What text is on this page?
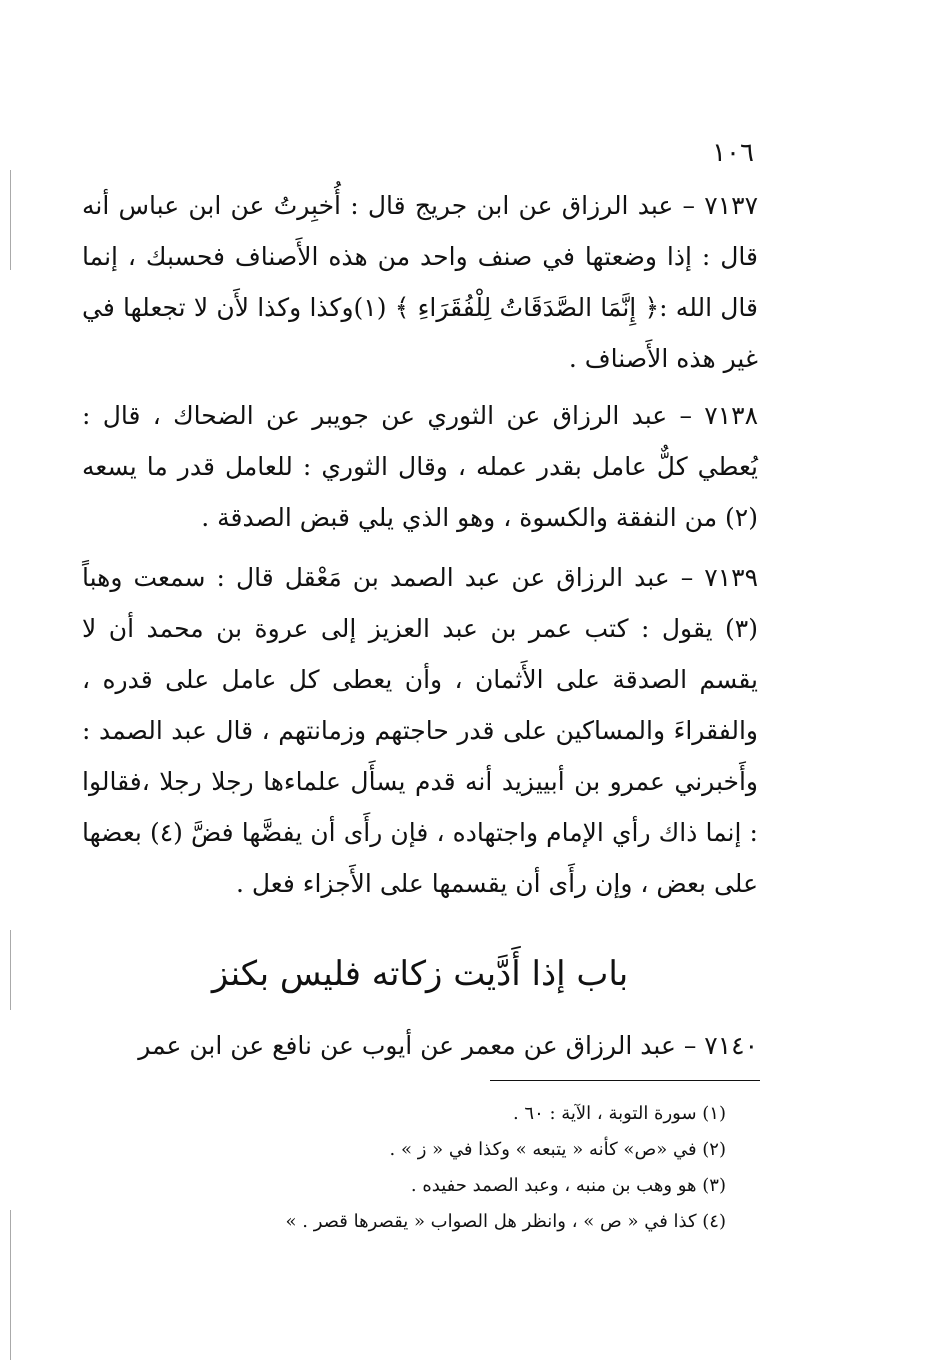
١٠٦

٧١٣٧ – عبد الرزاق عن ابن جريج قال : أُخبِرتُ عن ابن عباس أنه قال : إذا وضعتها في صنف واحد من هذه الأَصناف فحسبك ، إنما قال الله :﴿ إِنَّمَا الصَّدَقَاتُ لِلْفُقَرَاءِ ﴾ (١)وكذا وكذا لأَن لا تجعلها في غير هذه الأَصناف .

٧١٣٨ – عبد الرزاق عن الثوري عن جويبر عن الضحاك ، قال : يُعطي كلٌّ عامل بقدر عمله ، وقال الثوري : للعامل قدر ما يسعه (٢) من النفقة والكسوة ، وهو الذي يلي قبض الصدقة .

٧١٣٩ – عبد الرزاق عن عبد الصمد بن مَعْقل قال : سمعت وهباً (٣) يقول : كتب عمر بن عبد العزيز إلى عروة بن محمد أن لا يقسم الصدقة على الأَثمان ، وأن يعطى كل عامل على قدره ، والفقراءَ والمساكين على قدر حاجتهم وزمانتهم ، قال عبد الصمد : وأَخبرني عمرو بن أبييزيد أنه قدم يسأَل علماءها رجلا رجلا ،فقالوا : إنما ذاك رأي الإمام واجتهاده ، فإن رأَى أن يفضَّها فضَّ (٤) بعضها على بعض ، وإن رأَى أن يقسمها على الأَجزاء فعل .

باب إذا أَدَّيت زكاته فليس بكنز

٧١٤٠ – عبد الرزاق عن معمر عن أيوب عن نافع عن ابن عمر

(١) سورة التوبة ، الآية : ٦٠ .
(٢) في «ص» كأنه « يتبعه » وكذا في « ز » .
(٣) هو وهب بن منبه ، وعبد الصمد حفيده .
(٤) كذا في « ص » ، وانظر هل الصواب « يقصرها قصر . »
